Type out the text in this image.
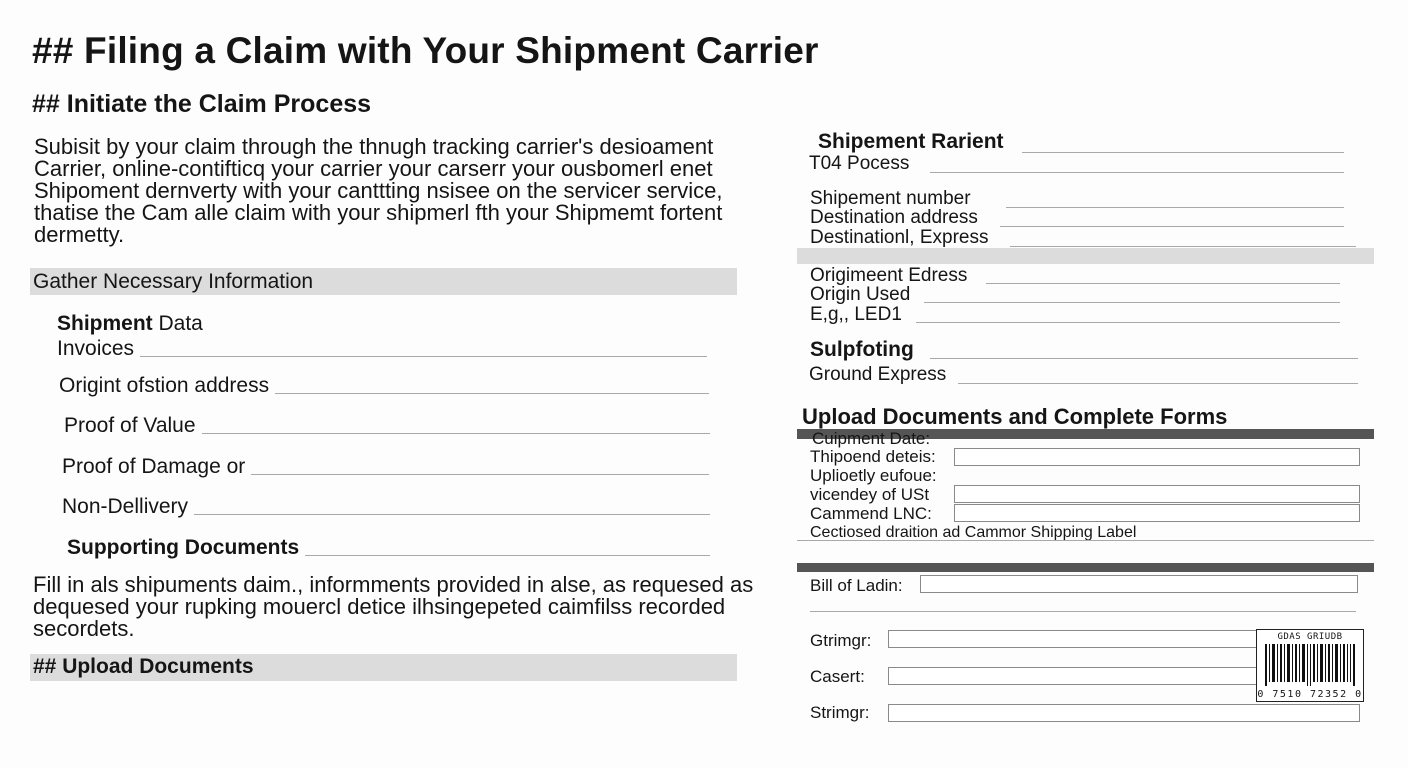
## Filing a Claim with Your Shipment Carrier
## Initiate the Claim Process
Subisit by your claim through the thnugh tracking carrier's desioament
Carrier, online-contifticq your carrier your carserr your ousbomerl enet
Shipoment dernverty with your canttting nsisee on the servicer service,
thatise the Cam alle claim with your shipmerl fth your Shipmemt fortent
dermetty.
Gather Necessary Information
Shipment Data
Invoices
Origint ofstion address
Proof of Value
Proof of Damage or
Non-Dellivery
Supporting Documents
Fill in als shipuments daim., informments provided in alse, as requesed as
dequesed your rupking mouercl detice ilhsingepeted caimfilss recorded
secordets.
## Upload Documents
Shipement Rarient
T04 Pocess
Shipement number
Destination address
Destinationl, Express
Origimeent Edress
Origin Used
E,g,, LED1
Sulpfoting
Ground Express
Upload Documents and Complete Forms
Cuipment Date:
Thipoend deteis:
Uplioetly eufoue:
vicendey of USt
Cammend LNC:
Cectiosed draition ad Cammor Shipping Label
Bill of Ladin:
Gtrimgr:
Casert:
Strimgr:
GDAS GRIUDB
0 7510 72352 0
